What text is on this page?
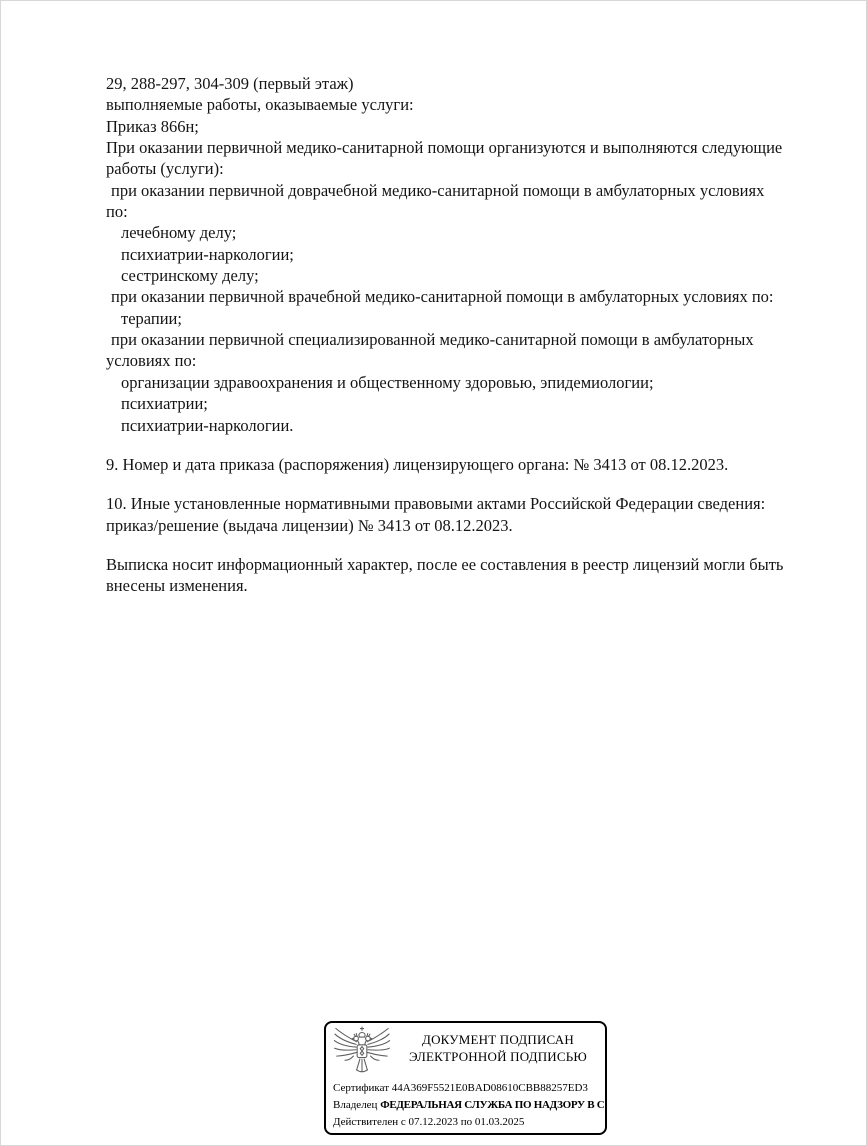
29, 288-297, 304-309 (первый этаж)
выполняемые работы, оказываемые услуги:
Приказ 866н;
При оказании первичной медико-санитарной помощи организуются и выполняются следующие
работы (услуги):
при оказании первичной доврачебной медико-санитарной помощи в амбулаторных условиях
по:
лечебному делу;
психиатрии-наркологии;
сестринскому делу;
при оказании первичной врачебной медико-санитарной помощи в амбулаторных условиях по:
терапии;
при оказании первичной специализированной медико-санитарной помощи в амбулаторных
условиях по:
организации здравоохранения и общественному здоровью, эпидемиологии;
психиатрии;
психиатрии-наркологии.
9. Номер и дата приказа (распоряжения) лицензирующего органа: № 3413 от 08.12.2023.
10. Иные установленные нормативными правовыми актами Российской Федерации сведения:
приказ/решение (выдача лицензии) № 3413 от 08.12.2023.
Выписка носит информационный характер, после ее составления в реестр лицензий могли быть
внесены изменения.
ДОКУМЕНТ ПОДПИСАН
ЭЛЕКТРОННОЙ ПОДПИСЬЮ
Сертификат 44A369F5521E0BAD08610CBB88257ED3
Владелец ФЕДЕРАЛЬНАЯ СЛУЖБА ПО НАДЗОРУ В С
Действителен с 07.12.2023 по 01.03.2025
